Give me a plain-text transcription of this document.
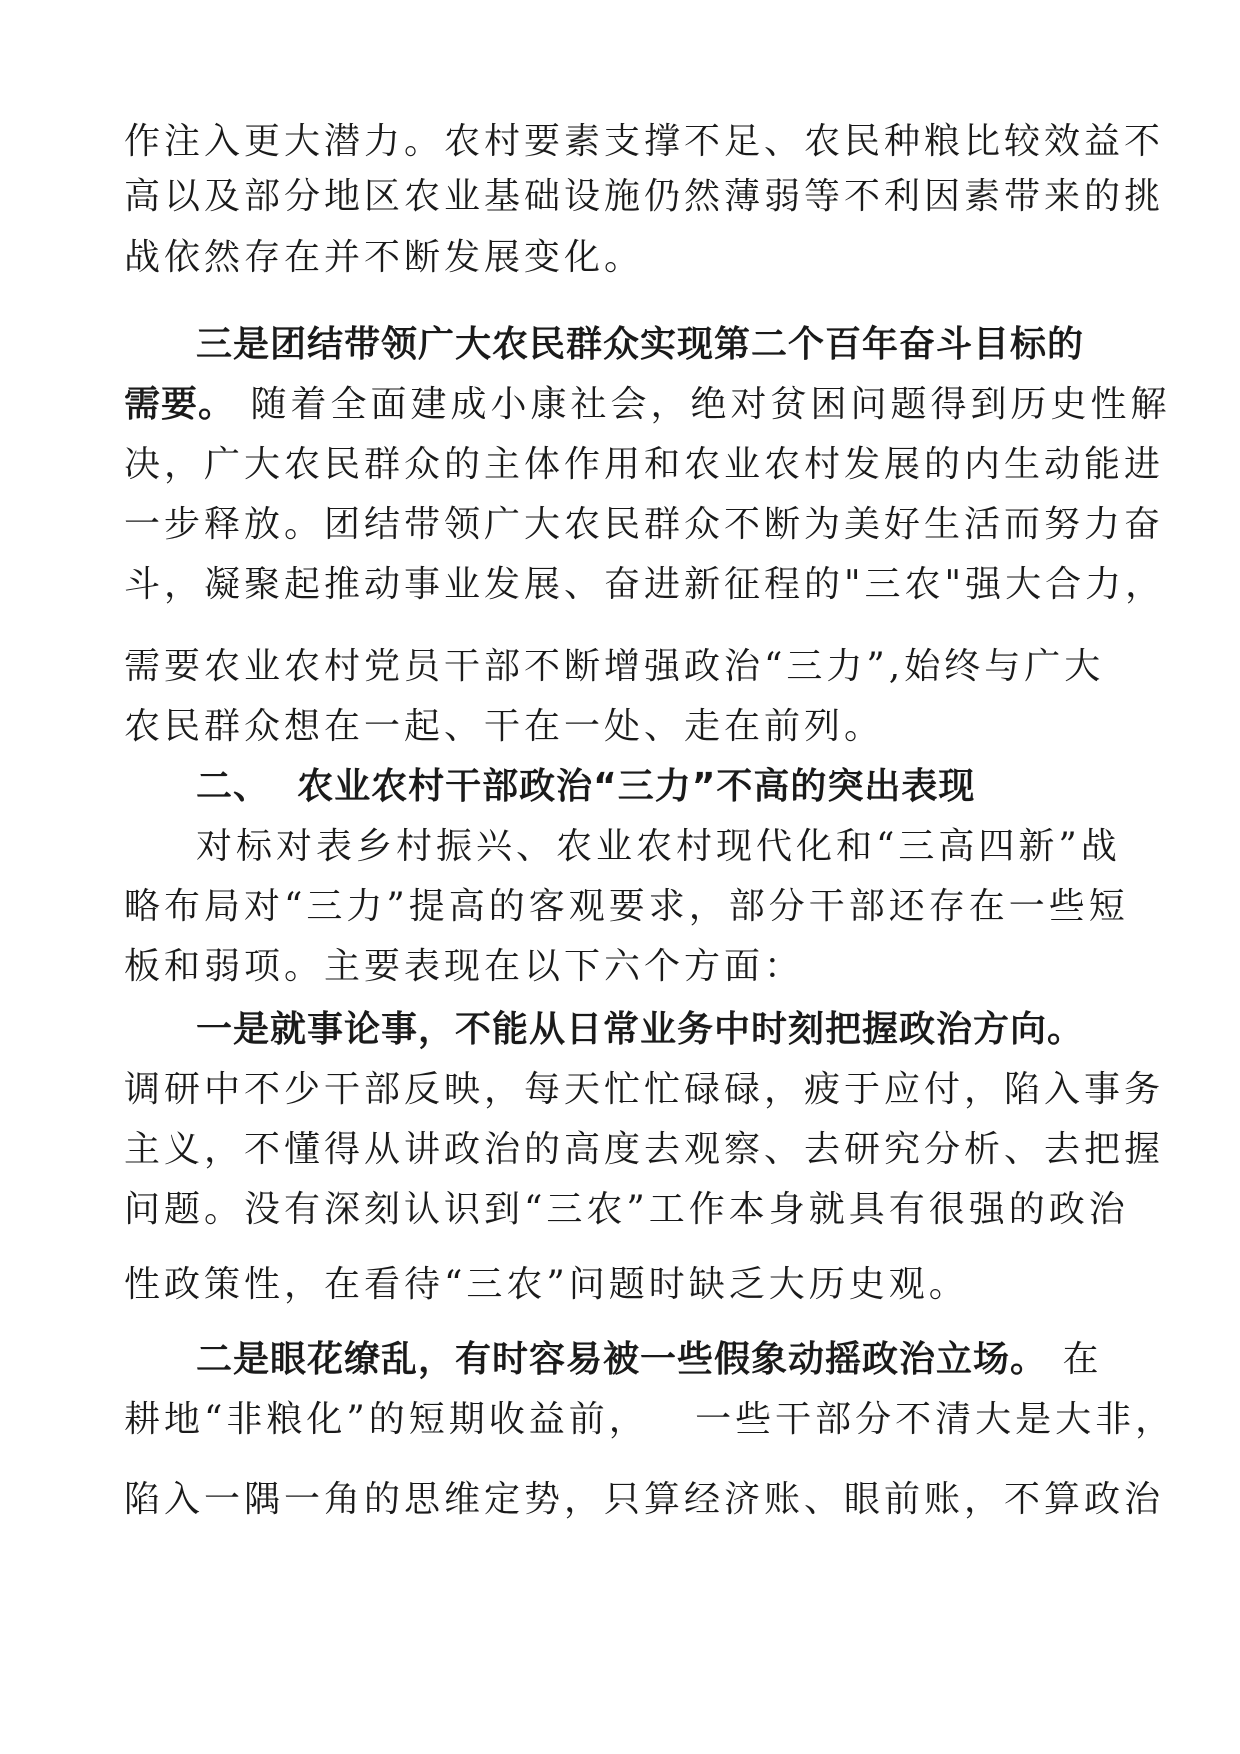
作注入更大潜力。农村要素支撑不足、农民种粮比较效益不
高以及部分地区农业基础设施仍然薄弱等不利因素带来的挑
战依然存在并不断发展变化。
三是团结带领广大农民群众实现第二个百年奋斗目标的
需要。 随着全面建成小康社会，绝对贫困问题得到历史性解
决，广大农民群众的主体作用和农业农村发展的内生动能进
一步释放。团结带领广大农民群众不断为美好生活而努力奋
斗，凝聚起推动事业发展、奋进新征程的"三农"强大合力，
需要农业农村党员干部不断增强政治“三力”,始终与广大
农民群众想在一起、干在一处、走在前列。
二、  农业农村干部政治“三力”不高的突出表现
对标对表乡村振兴、农业农村现代化和“三高四新”战
略布局对“三力”提高的客观要求，部分干部还存在一些短
板和弱项。主要表现在以下六个方面：
一是就事论事，不能从日常业务中时刻把握政治方向。
调研中不少干部反映，每天忙忙碌碌，疲于应付，陷入事务
主义，不懂得从讲政治的高度去观察、去研究分析、去把握
问题。没有深刻认识到“三农”工作本身就具有很强的政治
性政策性，在看待“三农”问题时缺乏大历史观。
二是眼花缭乱，有时容易被一些假象动摇政治立场。 在
耕地“非粮化”的短期收益前，   一些干部分不清大是大非，
陷入一隅一角的思维定势，只算经济账、眼前账，不算政治
